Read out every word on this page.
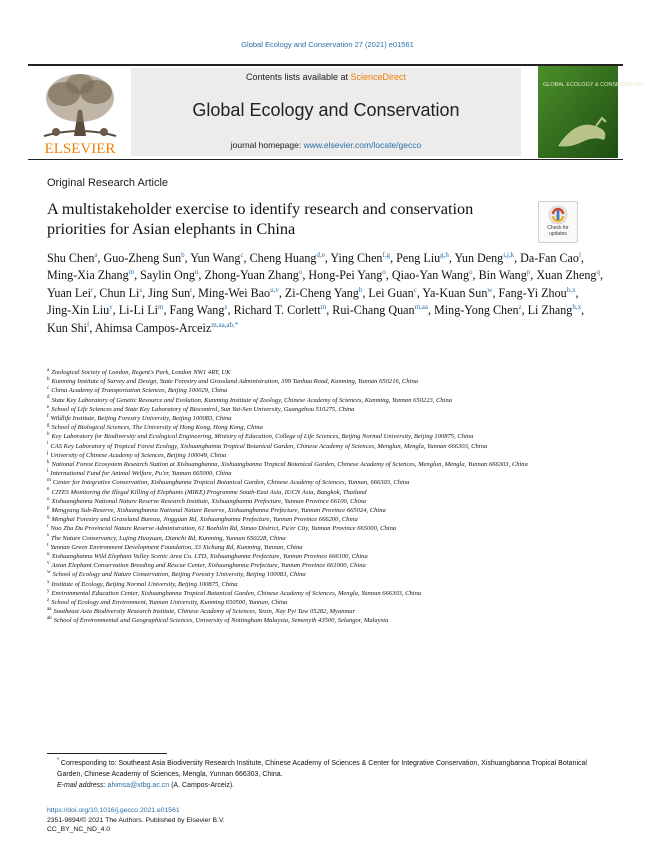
Global Ecology and Conservation 27 (2021) e01561
ELSEVIER
Contents lists available at ScienceDirect
Global Ecology and Conservation
journal homepage: www.elsevier.com/locate/gecco
GLOBAL ECOLOGY & CONSERVATION
Original Research Article
A multistakeholder exercise to identify research and conservation priorities for Asian elephants in China	Check for
updates
Shu Chen$^a$, Guo-Zheng Sun$^b$, Yun Wang$^c$, Cheng Huang$^{d,e}$, Ying Chen$^{f,g}$, Peng Liu$^{g,h}$, Yun Deng$^{i,j,k}$, Da-Fan Cao$^l$, Ming-Xia Zhang$^m$, Saylin Ong$^n$, Zhong-Yuan Zhang$^o$, Hong-Pei Yang$^o$, Qiao-Yan Wang$^o$, Bin Wang$^p$, Xuan Zheng$^q$, Yuan Lei$^r$, Chun Li$^s$, Jing Sun$^t$, Ming-Wei Bao$^{u,v}$, Zi-Cheng Yang$^b$, Lei Guan$^c$, Ya-Kuan Sun$^w$, Fang-Yi Zhou$^{h,x}$, Jing-Xin Liu$^y$, Li-Li Li$^m$, Fang Wang$^z$, Richard T. Corlett$^m$, Rui-Chang Quan$^{m,aa}$, Ming-Yong Chen$^z$, Li Zhang$^{h,x}$, Kun Shi$^f$, Ahimsa Campos-Arceiz$^{m,aa,ab,*}$

$^a$ Zoological Society of London, Regent's Park, London NW1 4RY, UK

$^b$ Kunming Institute of Survey and Design, State Forestry and Grassland Administration, 399 Tanhua Road, Kunming, Yunnan 650216, China

$^c$ China Academy of Transportation Sciences, Beijing 100029, China

$^d$ State Key Laboratory of Genetic Resource and Evolution, Kunming Institute of Zoology, Chinese Academy of Sciences, Kunming, Yunnan 650223, China

$^e$ School of Life Sciences and State Key Laboratory of Biocontrol, Sun Yat-Sen University, Guangzhou 510275, China

$^f$ Wildlife Institute, Beijing Forestry University, Beijing 100083, China

$^g$ School of Biological Sciences, The University of Hong Kong, Hong Kong, China

$^h$ Key Laboratory for Biodiversity and Ecological Engineering, Ministry of Education, College of Life Sciences, Beijing Normal University, Beijing 100875, China

$^i$ CAS Key Laboratory of Tropical Forest Ecology, Xishuangbanna Tropical Botanical Garden, Chinese Academy of Sciences, Menglun, Mengla, Yunnan 666303, China

$^j$ University of Chinese Academy of Sciences, Beijing 100049, China

$^k$ National Forest Ecosystem Research Station at Xishuangbanna, Xishuangbanna Tropical Botanical Garden, Chinese Academy of Sciences, Menglun, Mengla, Yunnan 666303, China

$^l$ International Fund for Animal Welfare, Pu'er, Yunnan 665000, China

$^m$ Center for Integrative Conservation, Xishuangbanna Tropical Botanical Garden, Chinese Academy of Sciences, Yunnan, 666303, China

$^n$ CITES Monitoring the Illegal Killing of Elephants (MIKE) Programme South-East Asia, IUCN Asia, Bangkok, Thailand

$^o$ Xishuangbanna National Nature Reserve Research Institute, Xishuangbanna Prefecture, Yunnan Province 66100, China

$^p$ Mengyang Sub-Reserve, Xishuangbanna National Nature Reserve, Xishuangbanna Prefecture, Yunnan Province 665024, China

$^q$ Menghai Forestry and Grassland Bureau, Jingguan Rd, Xishuangbanna Prefecture, Yunnan Province 666200, China

$^r$ Nuo Zha Du Provincial Nature Reserve Administration, 61 Bozhilin Rd, Simao District, Pu'er City, Yunnan Province 665000, China

$^s$ The Nature Conservancy, Lujing Huayuan, Dianchi Rd, Kunming, Yunnan 650228, China

$^t$ Yunnan Green Environment Development Foundation, 33 Xichang Rd, Kunming, Yunnan, China

$^u$ Xishuangbanna Wild Elephant Valley Scenic Area Co. LTD, Xishuangbanna Prefecture, Yunnan Province 666100, China

$^v$ Asian Elephant Conservation Breeding and Rescue Center, Xishuangbanna Prefecture, Yunnan Province 661000, China

$^w$ School of Ecology and Nature Conservation, Beijing Forestry University, Beijing 100083, China

$^x$ Institute of Ecology, Beijing Normal University, Beijing 100875, China

$^y$ Environmental Education Center, Xishuangbanna Tropical Botanical Garden, Chinese Academy of Sciences, Mengla, Yunnan 666303, China

$^z$ School of Ecology and Environment, Yunnan University, Kunming 650500, Yunnan, China

$^{aa}$ Southeast Asia Biodiversity Research Institute, Chinese Academy of Sciences, Yezin, Nay Pyi Taw 05282, Myanmar

$^{ab}$ School of Environmental and Geographical Sciences, University of Nottingham Malaysia, Semenyih 43500, Selangor, Malaysia

* Corresponding to: Southeast Asia Biodiversity Research Institute, Chinese Academy of Sciences & Center for Integrative Conservation, Xishuangbanna Tropical Botanical Garden, Chinese Academy of Sciences, Mengla, Yunnan 666303, China.

E-mail address: ahimsa@xtbg.ac.cn (A. Campos-Arceiz).

https://doi.org/10.1016/j.gecco.2021.e01561

2351-9894/© 2021 The Authors. Published by Elsevier B.V.

CC_BY_NC_ND_4.0
